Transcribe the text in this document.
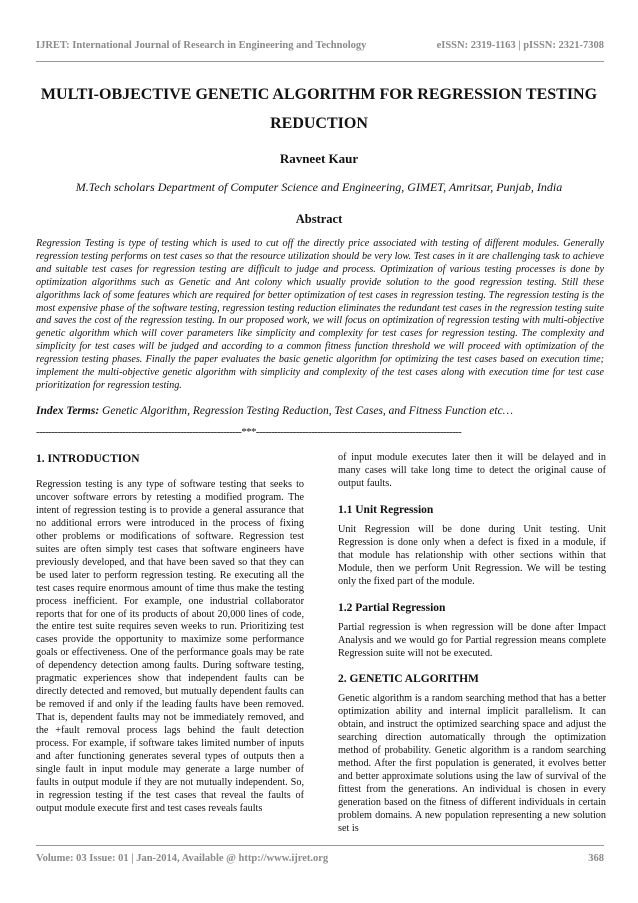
IJRET: International Journal of Research in Engineering and Technology	eISSN: 2319-1163 | pISSN: 2321-7308
MULTI-OBJECTIVE GENETIC ALGORITHM FOR REGRESSION TESTING REDUCTION
Ravneet Kaur
M.Tech scholars Department of Computer Science and Engineering, GIMET, Amritsar, Punjab, India
Abstract

Regression Testing is type of testing which is used to cut off the directly price associated with testing of different modules. Generally regression testing performs on test cases so that the resource utilization should be very low. Test cases in it are challenging task to achieve and suitable test cases for regression testing are difficult to judge and process. Optimization of various testing processes is done by optimization algorithms such as Genetic and Ant colony which usually provide solution to the good regression testing. Still these algorithms lack of some features which are required for better optimization of test cases in regression testing. The regression testing is the most expensive phase of the software testing, regression testing reduction eliminates the redundant test cases in the regression testing suite and saves the cost of the regression testing. In our proposed work, we will focus on optimization of regression testing with multi-objective genetic algorithm which will cover parameters like simplicity and complexity for test cases for regression testing. The complexity and simplicity for test cases will be judged and according to a common fitness function threshold we will proceed with optimization of the regression testing phases. Finally the paper evaluates the basic genetic algorithm for optimizing the test cases based on execution time; implement the multi-objective genetic algorithm with simplicity and complexity of the test cases along with execution time for test case prioritization for regression testing.

Index Terms: Genetic Algorithm, Regression Testing Reduction, Test Cases, and Fitness Function etc…

-------------------------------------------------------------------***-------------------------------------------------------------------
1. INTRODUCTION

Regression testing is any type of software testing that seeks to uncover software errors by retesting a modified program. The intent of regression testing is to provide a general assurance that no additional errors were introduced in the process of fixing other problems or modifications of software. Regression test suites are often simply test cases that software engineers have previously developed, and that have been saved so that they can be used later to perform regression testing. Re executing all the test cases require enormous amount of time thus make the testing process inefficient. For example, one industrial collaborator reports that for one of its products of about 20,000 lines of code, the entire test suite requires seven weeks to run. Prioritizing test cases provide the opportunity to maximize some performance goals or effectiveness. One of the performance goals may be rate of dependency detection among faults. During software testing, pragmatic experiences show that independent faults can be directly detected and removed, but mutually dependent faults can be removed if and only if the leading faults have been removed. That is, dependent faults may not be immediately removed, and the +fault removal process lags behind the fault detection process. For example, if software takes limited number of inputs and after functioning generates several types of outputs then a single fault in input module may generate a large number of faults in output module if they are not mutually independent. So, in regression testing if the test cases that reveal the faults of output module execute first and test cases reveals faults

of input module executes later then it will be delayed and in many cases will take long time to detect the original cause of output faults.

1.1 Unit Regression

Unit Regression will be done during Unit testing. Unit Regression is done only when a defect is fixed in a module, if that module has relationship with other sections within that Module, then we perform Unit Regression. We will be testing only the fixed part of the module.

1.2 Partial Regression

Partial regression is when regression will be done after Impact Analysis and we would go for Partial regression means complete Regression suite will not be executed.

2. GENETIC ALGORITHM

Genetic algorithm is a random searching method that has a better optimization ability and internal implicit parallelism. It can obtain, and instruct the optimized searching space and adjust the searching direction automatically through the optimization method of probability. Genetic algorithm is a random searching method. After the first population is generated, it evolves better and better approximate solutions using the law of survival of the fittest from the generations. An individual is chosen in every generation based on the fitness of different individuals in certain problem domains. A new population representing a new solution set is

Volume: 03 Issue: 01 | Jan-2014, Available @ http://www.ijret.org	368
